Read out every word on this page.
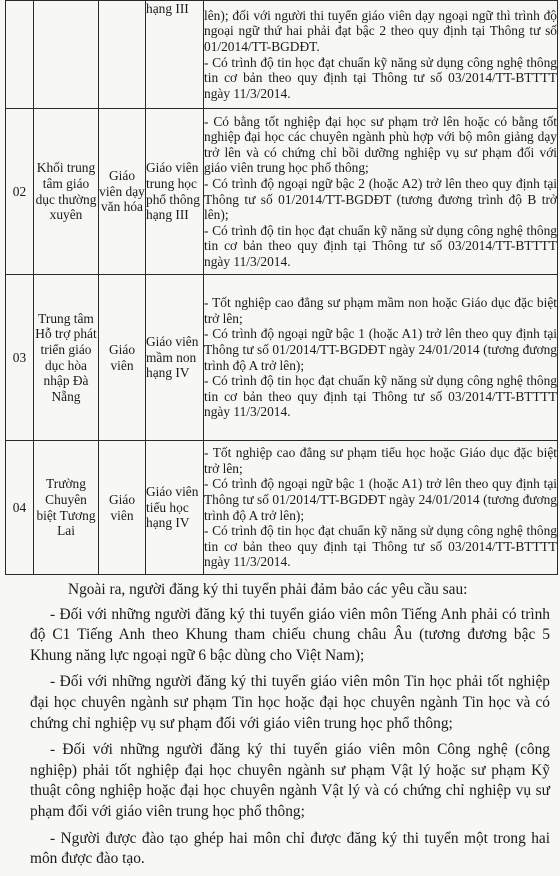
			hạng III	lên); đối với người thi tuyển giáo viên dạy ngoại ngữ thì trình độ ngoại ngữ thứ hai phải đạt bậc 2 theo quy định tại Thông tư số 01/2014/TT-BGDĐT.
- Có trình độ tin học đạt chuẩn kỹ năng sử dụng công nghệ thông tin cơ bản theo quy định tại Thông tư số 03/2014/TT-BTTTT ngày 11/3/2014.

02	Khối trung tâm giáo dục thường xuyên	Giáo viên dạy văn hóa	Giáo viên trung học phổ thông hạng III	- Có bằng tốt nghiệp đại học sư phạm trở lên hoặc có bằng tốt nghiệp đại học các chuyên ngành phù hợp với bộ môn giảng dạy trở lên và có chứng chỉ bồi dưỡng nghiệp vụ sư phạm đối với giáo viên trung học phổ thông;
- Có trình độ ngoại ngữ bậc 2 (hoặc A2) trở lên theo quy định tại Thông tư số 01/2014/TT-BGDĐT (tương đương trình độ B trở lên);
- Có trình độ tin học đạt chuẩn kỹ năng sử dụng công nghệ thông tin cơ bản theo quy định tại Thông tư số 03/2014/TT-BTTTT ngày 11/3/2014.

03	Trung tâm Hỗ trợ phát triển giáo dục hòa nhập Đà Nẵng	Giáo viên	Giáo viên mầm non hạng IV	- Tốt nghiệp cao đẳng sư phạm mầm non hoặc Giáo dục đặc biệt trở lên;
- Có trình độ ngoại ngữ bậc 1 (hoặc A1) trở lên theo quy định tại Thông tư số 01/2014/TT-BGDĐT ngày 24/01/2014 (tương đương trình độ A trở lên);
- Có trình độ tin học đạt chuẩn kỹ năng sử dụng công nghệ thông tin cơ bản theo quy định tại Thông tư số 03/2014/TT-BTTTT ngày 11/3/2014.

04	Trường Chuyên biệt Tương Lai	Giáo viên	Giáo viên tiểu học hạng IV	- Tốt nghiệp cao đẳng sư phạm tiểu học hoặc Giáo dục đặc biệt trở lên;
- Có trình độ ngoại ngữ bậc 1 (hoặc A1) trở lên theo quy định tại Thông tư số 01/2014/TT-BGDĐT ngày 24/01/2014 (tương đương trình độ A trở lên);
- Có trình độ tin học đạt chuẩn kỹ năng sử dụng công nghệ thông tin cơ bản theo quy định tại Thông tư số 03/2014/TT-BTTTT ngày 11/3/2014.

Ngoài ra, người đăng ký thi tuyển phải đảm bảo các yêu cầu sau:

- Đối với những người đăng ký thi tuyển giáo viên môn Tiếng Anh phải có trình độ C1 Tiếng Anh theo Khung tham chiếu chung châu Âu (tương đương bậc 5 Khung năng lực ngoại ngữ 6 bậc dùng cho Việt Nam);

- Đối với những người đăng ký thi tuyển giáo viên môn Tin học phải tốt nghiệp đại học chuyên ngành sư phạm Tin học hoặc đại học chuyên ngành Tin học và có chứng chỉ nghiệp vụ sư phạm đối với giáo viên trung học phổ thông;

- Đối với những người đăng ký thi tuyển giáo viên môn Công nghệ (công nghiệp) phải tốt nghiệp đại học chuyên ngành sư phạm Vật lý hoặc sư phạm Kỹ thuật công nghiệp hoặc đại học chuyên ngành Vật lý và có chứng chỉ nghiệp vụ sư phạm đối với giáo viên trung học phổ thông;

- Người được đào tạo ghép hai môn chỉ được đăng ký thi tuyển một trong hai môn được đào tạo.
